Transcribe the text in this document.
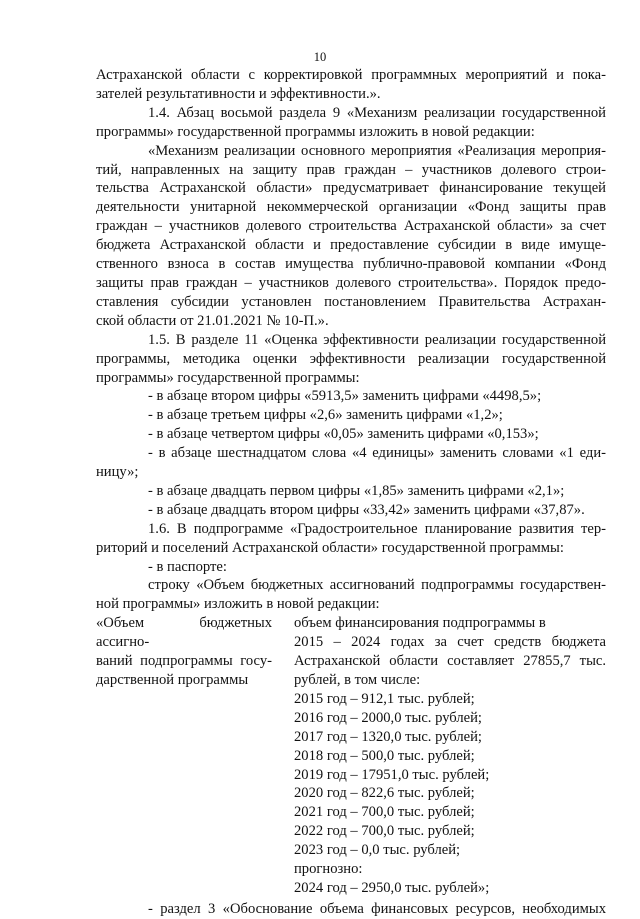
10

Астраханской области с корректировкой программных мероприятий и пока-

зателей результативности и эффективности.».

1.4. Абзац восьмой раздела 9 «Механизм реализации государственной

программы» государственной программы изложить в новой редакции:

«Механизм реализации основного мероприятия «Реализация мероприя-

тий, направленных на защиту прав граждан – участников долевого строи-

тельства Астраханской области» предусматривает финансирование текущей

деятельности унитарной некоммерческой организации «Фонд защиты прав

граждан – участников долевого строительства Астраханской области» за счет

бюджета Астраханской области и предоставление субсидии в виде имуще-

ственного взноса в состав имущества публично-правовой компании «Фонд

защиты прав граждан – участников долевого строительства». Порядок предо-

ставления субсидии установлен постановлением Правительства Астрахан-

ской области от 21.01.2021 № 10-П.».

1.5. В разделе 11 «Оценка эффективности реализации государственной

программы, методика оценки эффективности реализации государственной

программы» государственной программы:

- в абзаце втором цифры «5913,5» заменить цифрами «4498,5»;

- в абзаце третьем цифры «2,6» заменить цифрами «1,2»;

- в абзаце четвертом цифры «0,05» заменить цифрами «0,153»;

- в абзаце шестнадцатом слова «4 единицы» заменить словами «1 еди-

ницу»;

- в абзаце двадцать первом цифры «1,85» заменить цифрами «2,1»;

- в абзаце двадцать втором цифры «33,42» заменить цифрами «37,87».

1.6. В подпрограмме «Градостроительное планирование развития тер-

риторий и поселений Астраханской области» государственной программы:

- в паспорте:

строку «Объем бюджетных ассигнований подпрограммы государствен-

ной программы» изложить в новой редакции:

«Объем бюджетных ассигно-

ваний подпрограммы госу-

дарственной программы

объем финансирования подпрограммы в

2015 – 2024 годах за счет средств бюджета

Астраханской области составляет 27855,7 тыс.

рублей, в том числе:

2015 год – 912,1 тыс. рублей;

2016 год – 2000,0 тыс. рублей;

2017 год – 1320,0 тыс. рублей;

2018 год – 500,0 тыс. рублей;

2019 год – 17951,0 тыс. рублей;

2020 год – 822,6 тыс. рублей;

2021 год – 700,0 тыс. рублей;

2022 год – 700,0 тыс. рублей;

2023 год – 0,0 тыс. рублей;

прогнозно:

2024 год – 2950,0 тыс. рублей»;

- раздел 3 «Обоснование объема финансовых ресурсов, необходимых
